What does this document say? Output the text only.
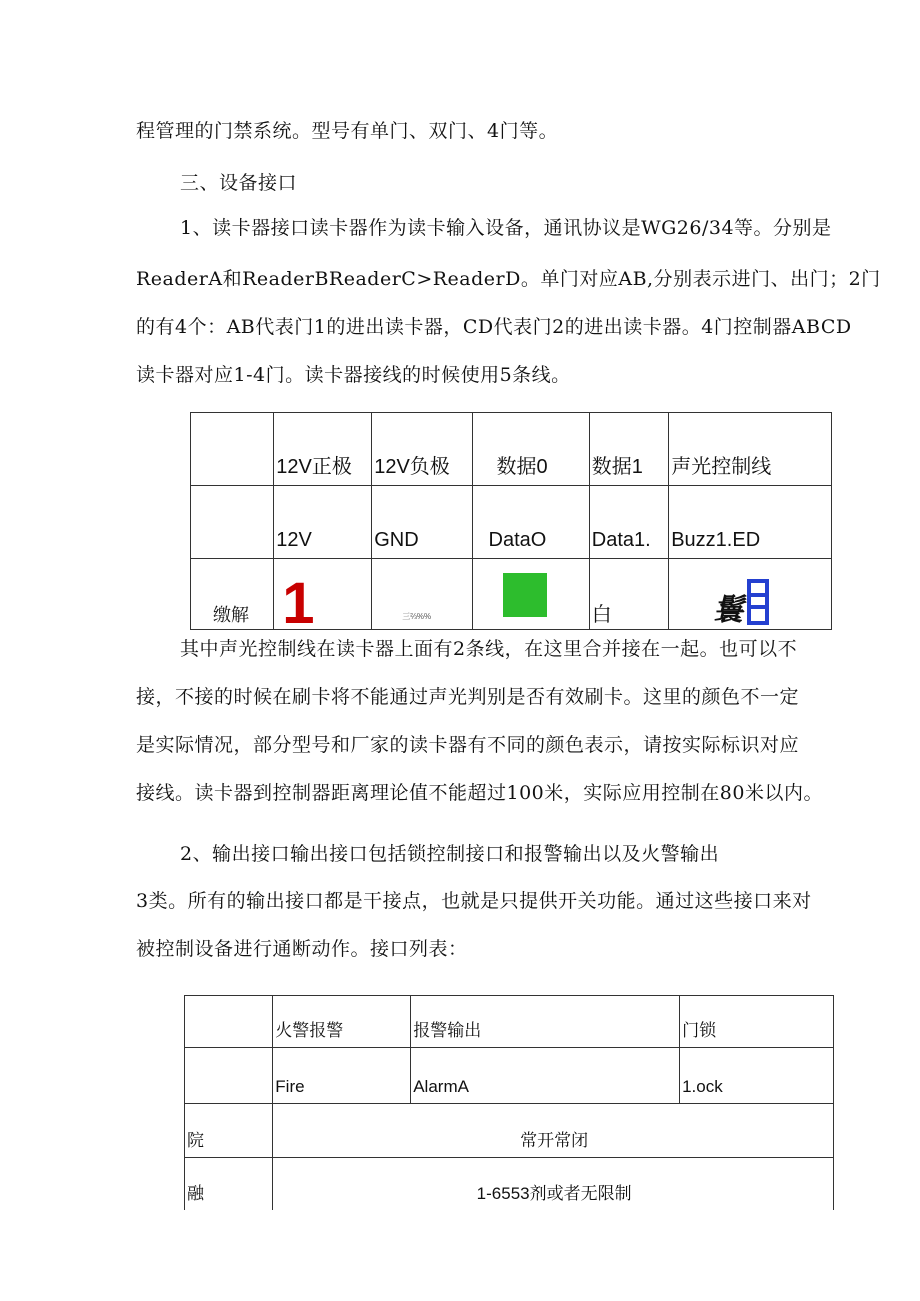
程管理的门禁系统。型号有单门、双门、4门等。
三、设备接口
1、读卡器接口读卡器作为读卡输入设备，通讯协议是WG26/34等。分别是
ReaderA和ReaderBReaderC>ReaderD。单门对应AB,分别表示进门、出门；2门
的有4个：AB代表门1的进出读卡器，CD代表门2的进出读卡器。4门控制器ABCD
读卡器对应1-4门。读卡器接线的时候使用5条线。
	12V正极	12V负极	数据0	数据1	声光控制线
	12V	GND	DataO	Data1.	Buzz1.ED
缴解	1	三⅔%%		白	鬟
其中声光控制线在读卡器上面有2条线，在这里合并接在一起。也可以不
接，不接的时候在刷卡将不能通过声光判别是否有效刷卡。这里的颜色不一定
是实际情况，部分型号和厂家的读卡器有不同的颜色表示，请按实际标识对应
接线。读卡器到控制器距离理论值不能超过100米，实际应用控制在80米以内。
2、输出接口输出接口包括锁控制接口和报警输出以及火警输出
3类。所有的输出接口都是干接点，也就是只提供开关功能。通过这些接口来对
被控制设备进行通断动作。接口列表：
	火警报警	报警输出	门锁
	Fire	AlarmA	1.ock
院	常开常闭		
融	1-6553剂或者无限制		
